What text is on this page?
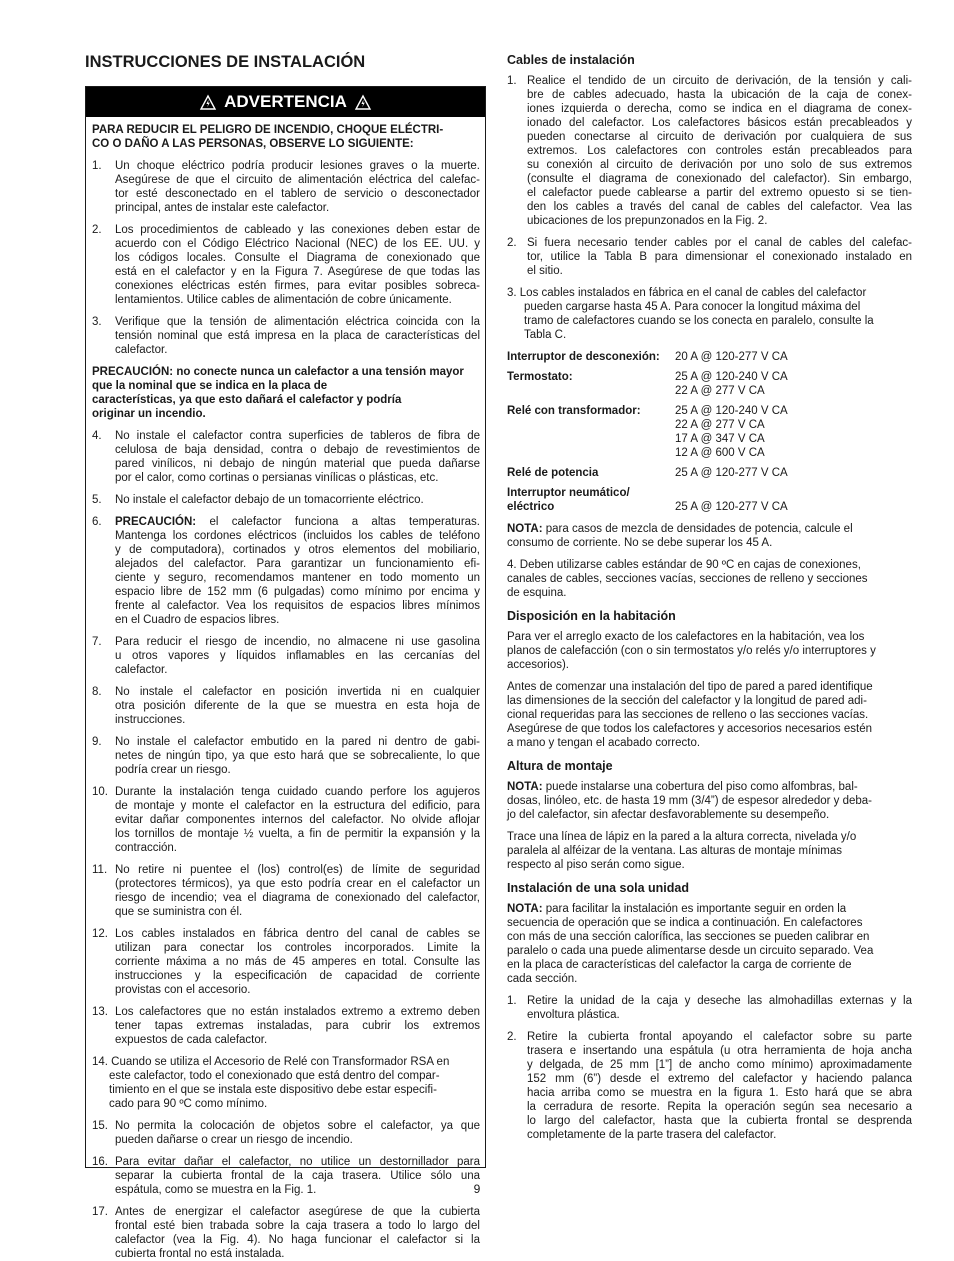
INSTRUCCIONES DE INSTALACIÓN
ADVERTENCIA
PARA REDUCIR EL PELIGRO DE INCENDIO, CHOQUE ELÉCTRI-
CO O DAÑO A LAS PERSONAS, OBSERVE LO SIGUIENTE:
1.	Un choque eléctrico podría producir lesiones graves o la muerte.
Asegúrese de que el circuito de alimentación eléctrica del calefac-
tor esté desconectado en el tablero de servicio o desconectador
principal, antes de instalar este calefactor.
2.	Los procedimientos de cableado y las conexiones deben estar de
acuerdo con el Código Eléctrico Nacional (NEC) de los EE. UU. y
los códigos locales. Consulte el Diagrama de conexionado que
está en el calefactor y en la Figura 7. Asegúrese de que todas las
conexiones eléctricas estén firmes, para evitar posibles sobreca-
lentamientos. Utilice cables de alimentación de cobre únicamente.
3.	Verifique que la tensión de alimentación eléctrica coincida con la
tensión nominal que está impresa en la placa de características del
calefactor.
PRECAUCIÓN: no conecte nunca un calefactor a una tensión mayor
que la nominal que se indica en la placa de
características, ya que esto dañará el calefactor y podría
originar un incendio.
4.	No instale el calefactor contra superficies de tableros de fibra de
celulosa de baja densidad, contra o debajo de revestimientos de
pared vinílicos, ni debajo de ningún material que pueda dañarse
por el calor, como cortinas o persianas vinílicas o plásticas, etc.
5.	No instale el calefactor debajo de un tomacorriente eléctrico.
6.	PRECAUCIÓN: el calefactor funciona a altas temperaturas.
Mantenga los cordones eléctricos (incluidos los cables de teléfono
y de computadora), cortinados y otros elementos del mobiliario,
alejados del calefactor. Para garantizar un funcionamiento efi-
ciente y seguro, recomendamos mantener en todo momento un
espacio libre de 152 mm (6 pulgadas) como mínimo por encima y
frente al calefactor. Vea los requisitos de espacios libres mínimos
en el Cuadro de espacios libres.
7.	Para reducir el riesgo de incendio, no almacene ni use gasolina
u otros vapores y líquidos inflamables en las cercanías del
calefactor.
8.	No instale el calefactor en posición invertida ni en cualquier
otra posición diferente de la que se muestra en esta hoja de
instrucciones.
9.	No instale el calefactor embutido en la pared ni dentro de gabi-
netes de ningún tipo, ya que esto hará que se sobrecaliente, lo que
podría crear un riesgo.
10. Durante la instalación tenga cuidado cuando perfore los agujeros
de montaje y monte el calefactor en la estructura del edificio, para
evitar dañar componentes internos del calefactor. No olvide aflojar
los tornillos de montaje ½ vuelta, a fin de permitir la expansión y la
contracción.
11. No retire ni puentee el (los) control(es) de límite de seguridad
(protectores térmicos), ya que esto podría crear en el calefactor un
riesgo de incendio; vea el diagrama de conexionado del calefactor,
que se suministra con él.
12. Los cables instalados en fábrica dentro del canal de cables se
utilizan para conectar los controles incorporados. Limite la
corriente máxima a no más de 45 amperes en total. Consulte las
instrucciones y la especificación de capacidad de corriente
provistas con el accesorio.
13. Los calefactores que no están instalados extremo a extremo deben
tener tapas extremas instaladas, para cubrir los extremos
expuestos de cada calefactor.
14. Cuando se utiliza el Accesorio de Relé con Transformador RSA en
este calefactor, todo el conexionado que está dentro del compar-
timiento en el que se instala este dispositivo debe estar especifi-
cado para 90 ºC como mínimo.
15. No permita la colocación de objetos sobre el calefactor, ya que
pueden dañarse o crear un riesgo de incendio.
16. Para evitar dañar el calefactor, no utilice un destornillador para
separar la cubierta frontal de la caja trasera. Utilice sólo una
espátula, como se muestra en la Fig. 1.
17. Antes de energizar el calefactor asegúrese de que la cubierta
frontal esté bien trabada sobre la caja trasera a todo lo largo del
calefactor (vea la Fig. 4). No haga funcionar el calefactor si la
cubierta frontal no está instalada.
Cables de instalación
1. Realice el tendido de un circuito de derivación, de la tensión y cali-
bre de cables adecuado, hasta la ubicación de la caja de conex-
iones izquierda o derecha, como se indica en el diagrama de conex-
ionado del calefactor. Los calefactores básicos están precableados y
pueden conectarse al circuito de derivación por cualquiera de sus
extremos. Los calefactores con controles están precableados para
su conexión al circuito de derivación por uno solo de sus extremos
(consulte el diagrama de conexionado del calefactor). Sin embargo,
el calefactor puede cablearse a partir del extremo opuesto si se tien-
den los cables a través del canal de cables del calefactor. Vea las
ubicaciones de los prepunzonados en la Fig. 2.
2. Si fuera necesario tender cables por el canal de cables del calefac-
tor, utilice la Tabla B para dimensionar el conexionado instalado en
el sitio.
3. Los cables instalados en fábrica en el canal de cables del calefactor
pueden cargarse hasta 45 A. Para conocer la longitud máxima del
tramo de calefactores cuando se los conecta en paralelo, consulte la
Tabla C.
Interruptor de desconexión:	20 A @ 120-277 V CA
Termostato:	25 A @ 120-240 V CA
22 A @ 277 V CA
Relé con transformador:	25 A @ 120-240 V CA
22 A @ 277 V CA
17 A @ 347 V CA
12 A @ 600 V CA
Relé de potencia	25 A @ 120-277 V CA
Interruptor neumático/
eléctrico
	25 A @ 120-277 V CA
NOTA: para casos de mezcla de densidades de potencia, calcule el
consumo de corriente. No se debe superar los 45 A.
4. Deben utilizarse cables estándar de 90 ºC en cajas de conexiones,
canales de cables, secciones vacías, secciones de relleno y secciones
de esquina.
Disposición en la habitación
Para ver el arreglo exacto de los calefactores en la habitación, vea los
planos de calefacción (con o sin termostatos y/o relés y/o interruptores y
accesorios).
Antes de comenzar una instalación del tipo de pared a pared identifique
las dimensiones de la sección del calefactor y la longitud de pared adi-
cional requeridas para las secciones de relleno o las secciones vacías.
Asegúrese de que todos los calefactores y accesorios necesarios estén
a mano y tengan el acabado correcto.
Altura de montaje
NOTA: puede instalarse una cobertura del piso como alfombras, bal-
dosas, linóleo, etc. de hasta 19 mm (3/4”) de espesor alrededor y deba-
jo del calefactor, sin afectar desfavorablemente su desempeño.
Trace una línea de lápiz en la pared a la altura correcta, nivelada y/o
paralela al alféizar de la ventana. Las alturas de montaje mínimas
respecto al piso serán como sigue.
Instalación de una sola unidad
NOTA: para facilitar la instalación es importante seguir en orden la
secuencia de operación que se indica a continuación. En calefactores
con más de una sección calorífica, las secciones se pueden calibrar en
paralelo o cada una puede alimentarse desde un circuito separado. Vea
en la placa de características del calefactor la carga de corriente de
cada sección.
1. Retire la unidad de la caja y deseche las almohadillas externas y la
envoltura plástica.
2. Retire la cubierta frontal apoyando el calefactor sobre su parte
trasera e insertando una espátula (u otra herramienta de hoja ancha
y delgada, de 25 mm [1”] de ancho como mínimo) aproximadamente
152 mm (6”) desde el extremo del calefactor y haciendo palanca
hacia arriba como se muestra en la figura 1. Esto hará que se abra
la cerradura de resorte. Repita la operación según sea necesario a
lo largo del calefactor, hasta que la cubierta frontal se desprenda
completamente de la parte trasera del calefactor.
9
